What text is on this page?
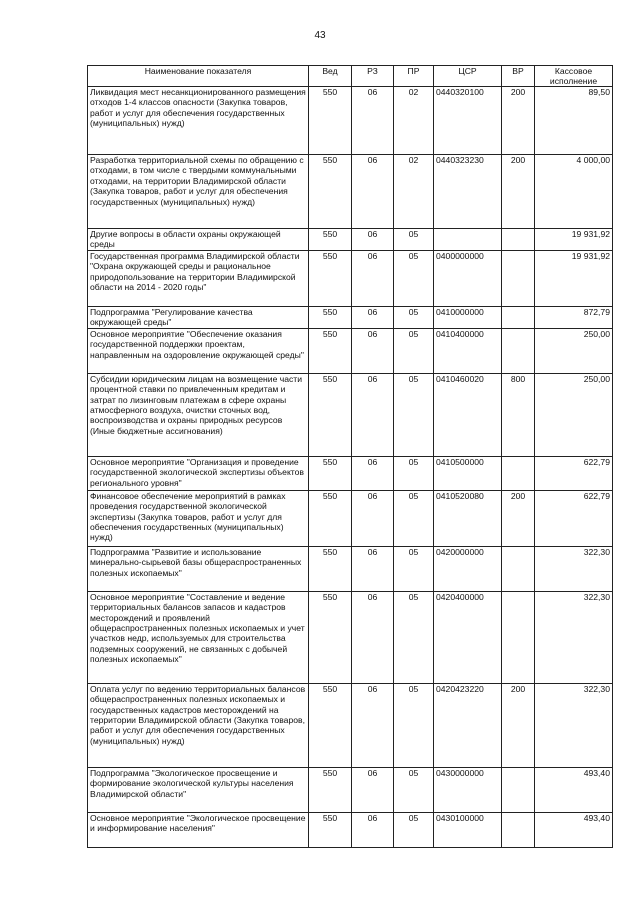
43
Наименование показателя	Вед	РЗ	ПР	ЦСР	ВР	Кассовое исполнение
Ликвидация мест несанкционированного размещения отходов 1-4 классов опасности (Закупка товаров, работ и услуг для обеспечения государственных (муниципальных) нужд)	550	06	02	0440320100	200	89,50
Разработка территориальной схемы по обращению с отходами, в том числе с твердыми коммунальными отходами, на территории Владимирской области (Закупка товаров, работ и услуг для обеспечения государственных (муниципальных) нужд)	550	06	02	0440323230	200	4 000,00
Другие вопросы в области охраны окружающей среды	550	06	05			19 931,92
Государственная программа Владимирской области "Охрана окружающей среды и рациональное природопользование на территории Владимирской области на 2014 - 2020 годы"	550	06	05	0400000000		19 931,92
Подпрограмма "Регулирование качества окружающей среды"	550	06	05	0410000000		872,79
Основное мероприятие "Обеспечение оказания государственной поддержки проектам, направленным на оздоровление окружающей среды"	550	06	05	0410400000		250,00
Субсидии юридическим лицам на возмещение части процентной ставки по привлеченным кредитам и затрат по лизинговым платежам в сфере охраны атмосферного воздуха, очистки сточных вод, воспроизводства и охраны природных ресурсов (Иные бюджетные ассигнования)	550	06	05	0410460020	800	250,00
Основное мероприятие "Организация и проведение государственной экологической экспертизы объектов регионального уровня"	550	06	05	0410500000		622,79
Финансовое обеспечение мероприятий в рамках проведения государственной экологической экспертизы (Закупка товаров, работ и услуг для обеспечения государственных (муниципальных) нужд)	550	06	05	0410520080	200	622,79
Подпрограмма "Развитие и использование минерально-сырьевой базы общераспространенных полезных ископаемых"	550	06	05	0420000000		322,30
Основное мероприятие "Составление и ведение территориальных балансов запасов и кадастров месторождений и проявлений общераспространенных полезных ископаемых и учет участков недр, используемых для строительства подземных сооружений, не связанных с добычей полезных ископаемых"	550	06	05	0420400000		322,30
Оплата услуг по ведению территориальных балансов общераспространенных полезных ископаемых и государственных кадастров месторождений на территории Владимирской области (Закупка товаров, работ и услуг для обеспечения государственных (муниципальных) нужд)	550	06	05	0420423220	200	322,30
Подпрограмма "Экологическое просвещение и формирование экологической культуры населения Владимирской области"	550	06	05	0430000000		493,40
Основное мероприятие "Экологическое просвещение и информирование населения"	550	06	05	0430100000		493,40
